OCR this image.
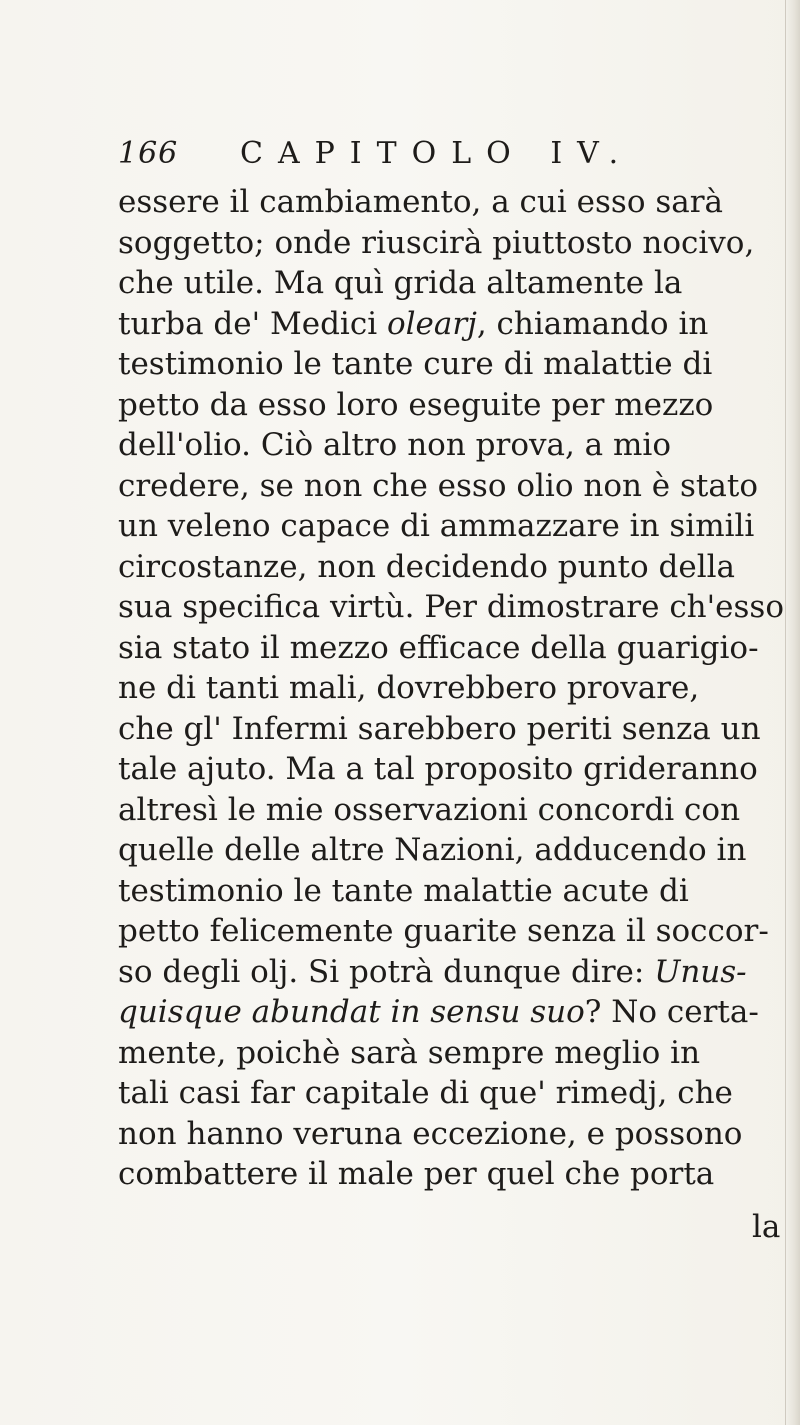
166	CAPITOLO IV.
essere il cambiamento, a cui esso sarà
soggetto; onde riuscirà piuttosto nocivo,
che utile. Ma quì grida altamente la
turba de' Medici olearj, chiamando in
testimonio le tante cure di malattie di
petto da esso loro eseguite per mezzo
dell'olio. Ciò altro non prova, a mio
credere, se non che esso olio non è stato
un veleno capace di ammazzare in simili
circostanze, non decidendo punto della
sua specifica virtù. Per dimostrare ch'esso
sia stato il mezzo efficace della guarigio-
ne di tanti mali, dovrebbero provare,
che gl' Infermi sarebbero periti senza un
tale ajuto. Ma a tal proposito grideranno
altresì le mie osservazioni concordi con
quelle delle altre Nazioni, adducendo in
testimonio le tante malattie acute di
petto felicemente guarite senza il soccor-
so degli olj. Si potrà dunque dire: Unus-
quisque abundat in sensu suo? No certa-
mente, poichè sarà sempre meglio in
tali casi far capitale di que' rimedj, che
non hanno veruna eccezione, e possono
combattere il male per quel che porta
la
